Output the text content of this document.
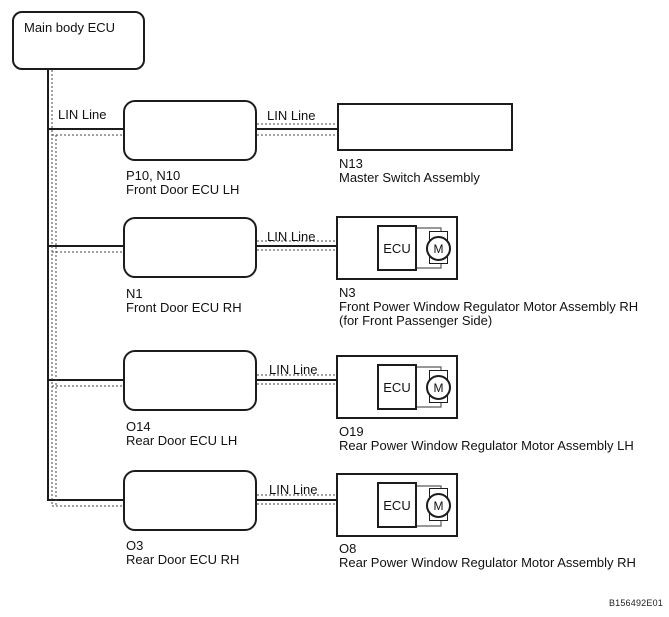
Main body ECU
LIN Line	LIN Line
LIN Line
LIN Line
LIN Line
P10, N10
Front Door ECU LH
N13
Master Switch Assembly
N1
Front Door ECU RH
ECU	M
N3
Front Power Window Regulator Motor Assembly RH
(for Front Passenger Side)
O14
Rear Door ECU LH
ECU	M
O19
Rear Power Window Regulator Motor Assembly LH
O3
Rear Door ECU RH
ECU	M
O8
Rear Power Window Regulator Motor Assembly RH
B156492E01
